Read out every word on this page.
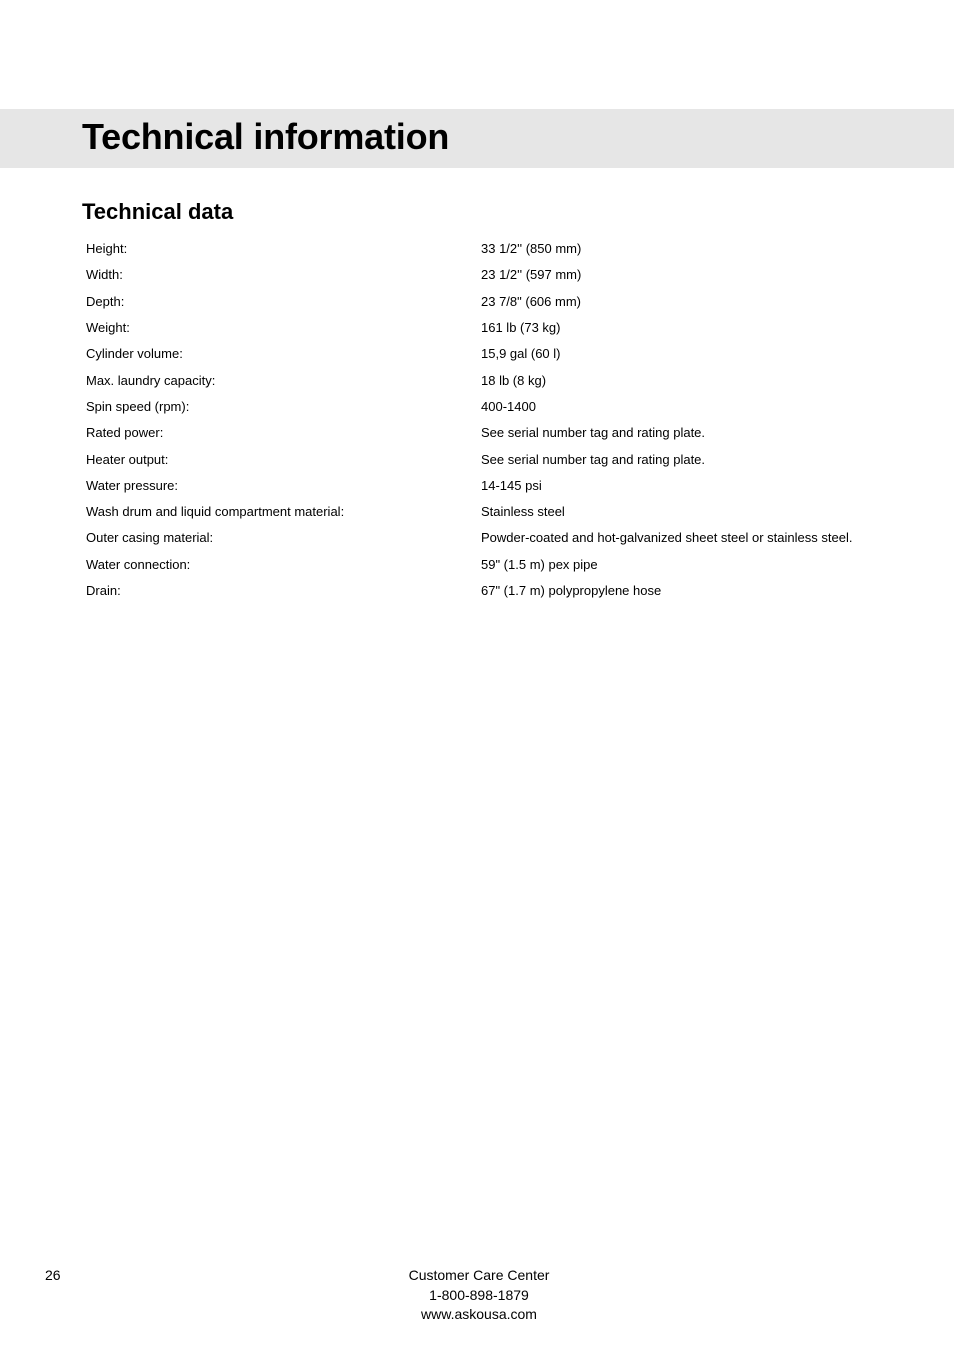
Technical information
Technical data
Height:	33 1/2'' (850 mm)
Width:	23 1/2'' (597 mm)
Depth:	23 7/8" (606 mm)
Weight:	161 lb (73 kg)
Cylinder volume:	15,9 gal (60 l)
Max. laundry capacity:	18 lb (8 kg)
Spin speed (rpm):	400-1400
Rated power:	See serial number tag and rating plate.
Heater output:	See serial number tag and rating plate.
Water pressure:	14-145 psi
Wash drum and liquid compartment material:	Stainless steel
Outer casing material:	Powder-coated and hot-galvanized sheet steel or stainless steel.
Water connection:	59" (1.5 m) pex pipe
Drain:	67" (1.7 m) polypropylene hose
26	Customer Care Center
1-800-898-1879
www.askousa.com
